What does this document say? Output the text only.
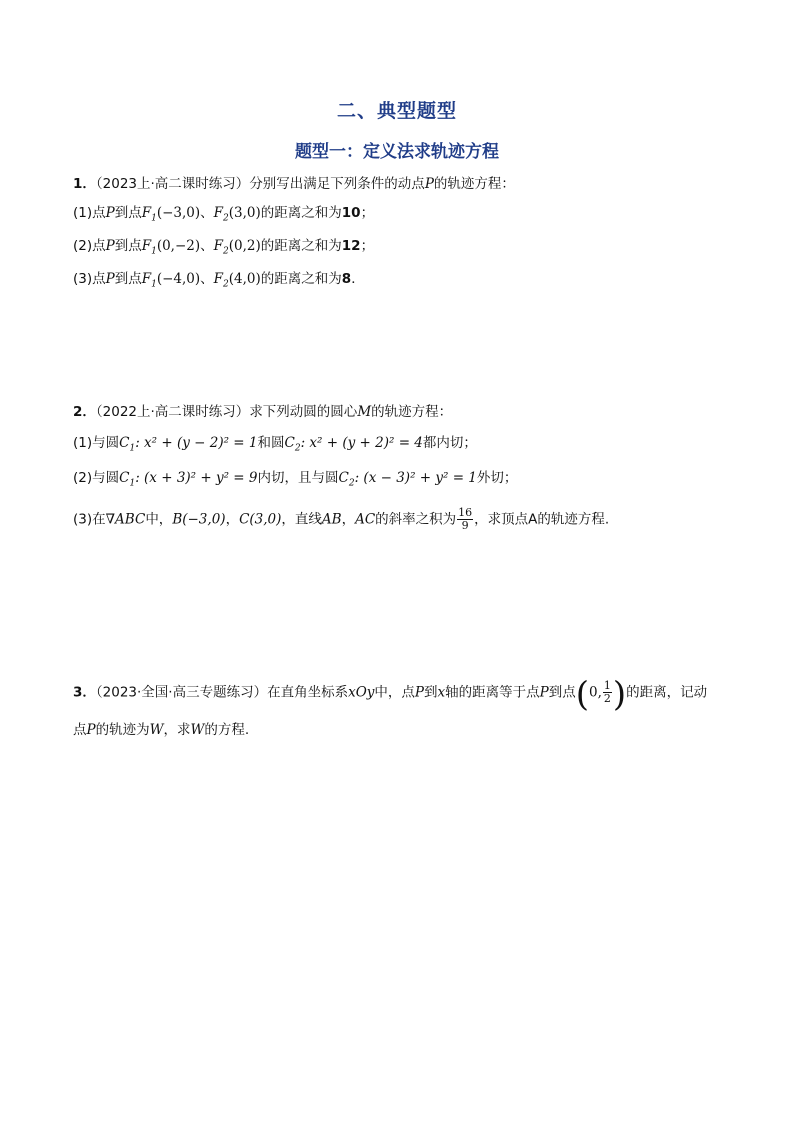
二、典型题型
题型一：定义法求轨迹方程
1．（2023上·高二课时练习）分别写出满足下列条件的动点P的轨迹方程：
(1)点P到点$F_1(-3,0)$、$F_2(3,0)$的距离之和为10；
(2)点P到点$F_1(0,-2)$、$F_2(0,2)$的距离之和为12；
(3)点P到点$F_1(-4,0)$、$F_2(4,0)$的距离之和为8．
2．（2022上·高二课时练习）求下列动圆的圆心M的轨迹方程：
(1)与圆$C_1$: x² + (y − 2)² = 1和圆$C_2$: x² + (y + 2)² = 4都内切；
(2)与圆$C_1$: (x + 3)² + y² = 9内切，且与圆$C_2$: (x − 3)² + y² = 1外切；
(3)在∇ABC中，B(−3,0)，C(3,0)，直线AB，AC的斜率之积为 $\frac{16}{9}$ ，求顶点A的轨迹方程.
3．（2023·全国·高三专题练习）在直角坐标系xOy中，点P到x轴的距离等于点P到点(0, $\frac{1}{2}$ )的距离，记动
点P的轨迹为W，求W的方程.
